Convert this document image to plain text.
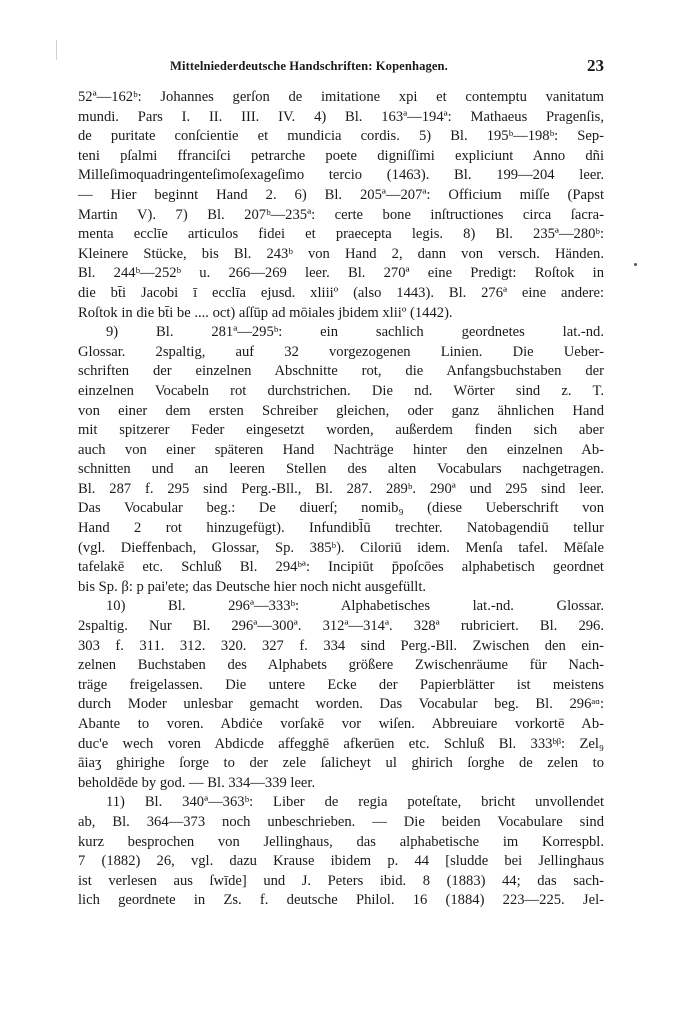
Mittelniederdeutsche Handschriften: Kopenhagen.	23

52ª—162ᵇ: Johannes gerſon de imitatione xpi et contemptu vanitatum
mundi. Pars I. II. III. IV. 4) Bl. 163ª—194ª: Mathaeus Pragenſis,
de puritate conſcientie et mundicia cordis. 5) Bl. 195ᵇ—198ᵇ: Sep-
teni pſalmi ffranciſci petrarche poete digniſſimi expliciunt Anno dñi
Milleſimoquadringenteſimoſexageſimo tercio (1463). Bl. 199—204 leer.
— Hier beginnt Hand 2. 6) Bl. 205ª—207ª: Officium miſſe (Papst
Martin V). 7) Bl. 207ᵇ—235ª: certe bone inſtructiones circa ſacra-
menta ecclīe articulos fidei et praecepta legis. 8) Bl. 235ª—280ᵇ:
Kleinere Stücke, bis Bl. 243ᵇ von Hand 2, dann von versch. Händen.
Bl. 244ᵇ—252ᵇ u. 266—269 leer. Bl. 270ª eine Predigt: Roſtok in
die bt̄i Jacobi ī ecclīa ejusd. xliiiº (also 1443). Bl. 276ª eine andere:
Roſtok in die bt̄i be .... oct) aſſūp ad mōiales jbidem xliiº (1442).

9) Bl. 281ª—295ᵇ: ein sachlich geordnetes lat.-nd.
Glossar. 2spaltig, auf 32 vorgezogenen Linien. Die Ueber-
schriften der einzelnen Abschnitte rot, die Anfangsbuchstaben der
einzelnen Vocabeln rot durchstrichen. Die nd. Wörter sind z. T.
von einer dem ersten Schreiber gleichen, oder ganz ähnlichen Hand
mit spitzerer Feder eingesetzt worden, außerdem finden sich aber
auch von einer späteren Hand Nachträge hinter den einzelnen Ab-
schnitten und an leeren Stellen des alten Vocabulars nachgetragen.
Bl. 287 f. 295 sind Perg.-Bll., Bl. 287. 289ᵇ. 290ª und 295 sind leer.
Das Vocabular beg.: De diuerſ; nomib₉ (diese Ueberschrift von
Hand 2 rot hinzugefügt). Infundibl̄ū trechter. Natobagendiū tellur
(vgl. Dieffenbach, Glossar, Sp. 385ᵇ). Ciloriū idem. Menſa tafel. Mēſale
tafelakē etc. Schluß Bl. 294ᵇª: Incipiūt p̄poſcōes alphabetisch geordnet
bis Sp. β: p pai'ete; das Deutsche hier noch nicht ausgefüllt.

10) Bl. 296ª—333ᵇ: Alphabetisches lat.-nd. Glossar.
2spaltig. Nur Bl. 296ª—300ª. 312ª—314ª. 328ª rubriciert. Bl. 296.
303 f. 311. 312. 320. 327 f. 334 sind Perg.-Bll. Zwischen den ein-
zelnen Buchstaben des Alphabets größere Zwischenräume für Nach-
träge freigelassen. Die untere Ecke der Papierblätter ist meistens
durch Moder unlesbar gemacht worden. Das Vocabular beg. Bl. 296ᵃᵅ:
Abante to voren. Abdiċe vorſakē vor wiſen. Abbreuiare vorkortē Ab-
duc'e wech voren Abdicde affegghē afkerūen etc. Schluß Bl. 333ᵇᵝ: Zel₉
āiaӡ ghirighe ſorge to der zele ſalicheyt ul ghirich ſorghe de zelen to
beholdēde by god. — Bl. 334—339 leer.

11) Bl. 340ª—363ᵇ: Liber de regia poteſtate, bricht unvollendet
ab, Bl. 364—373 noch unbeschrieben. — Die beiden Vocabulare sind
kurz besprochen von Jellinghaus, das alphabetische im Korrespbl.
7 (1882) 26, vgl. dazu Krause ibidem p. 44 [sludde bei Jellinghaus
ist verlesen aus ſwīde] und J. Peters ibid. 8 (1883) 44; das sach-
lich geordnete in Zs. f. deutsche Philol. 16 (1884) 223—225. Jel-
